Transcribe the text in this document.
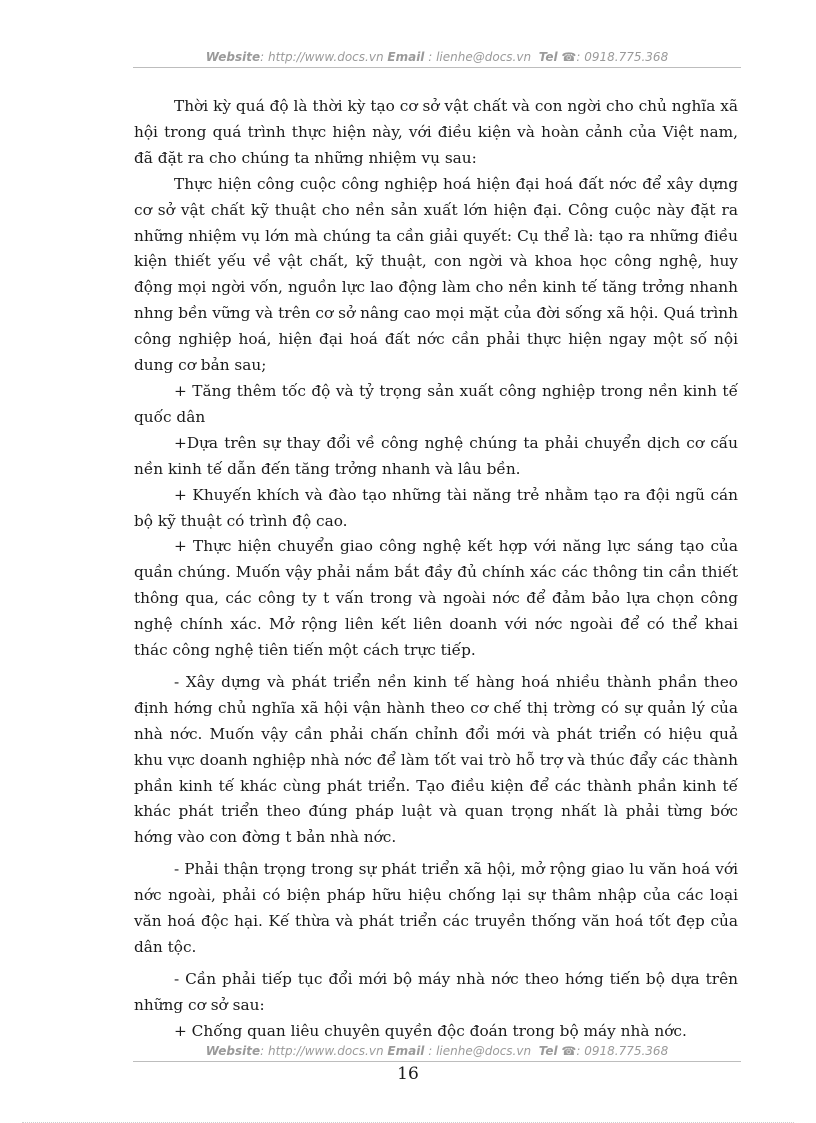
Website: http://www.docs.vn Email : lienhe@docs.vn Tel ☎: 0918.775.368

Thời kỳ quá độ là thời kỳ tạo cơ sở vật chất và con ngời cho chủ nghĩa xã hội trong quá trình thực hiện này, với điều kiện và hoàn cảnh của Việt nam, đã đặt ra cho chúng ta những nhiệm vụ sau:

Thực hiện công cuộc công nghiệp hoá hiện đại hoá đất nớc để xây dựng cơ sở vật chất kỹ thuật cho nền sản xuất lớn hiện đại. Công cuộc này đặt ra những nhiệm vụ lớn mà chúng ta cần giải quyết: Cụ thể là: tạo ra những điều kiện thiết yếu về vật chất, kỹ thuật, con ngời và khoa học công nghệ, huy động mọi ngời vốn, nguồn lực lao động làm cho nền kinh tế tăng trởng nhanh nhng bền vững và trên cơ sở nâng cao mọi mặt của đời sống xã hội. Quá trình công nghiệp hoá, hiện đại hoá đất nớc cần phải thực hiện ngay một số nội dung cơ bản sau;

+ Tăng thêm tốc độ và tỷ trọng sản xuất công nghiệp trong nền kinh tế quốc dân

+Dựa trên sự thay đổi về công nghệ chúng ta phải chuyển dịch cơ cấu nền kinh tế dẫn đến tăng trởng nhanh và lâu bền.

+ Khuyến khích và đào tạo những tài năng trẻ nhằm tạo ra đội ngũ cán bộ kỹ thuật có trình độ cao.

+ Thực hiện chuyển giao công nghệ kết hợp với năng lực sáng tạo của quần chúng. Muốn vậy phải nắm bắt đầy đủ chính xác các thông tin cần thiết thông qua, các công ty t vấn trong và ngoài nớc để đảm bảo lựa chọn công nghệ chính xác. Mở rộng liên kết liên doanh với nớc ngoài để có thể khai thác công nghệ tiên tiến một cách trực tiếp.

- Xây dựng và phát triển nền kinh tế hàng hoá nhiều thành phần theo định hớng chủ nghĩa xã hội vận hành theo cơ chế thị trờng có sự quản lý của nhà nớc. Muốn vậy cần phải chấn chỉnh đổi mới và phát triển có hiệu quả khu vực doanh nghiệp nhà nớc để làm tốt vai trò hỗ trợ và thúc đẩy các thành phần kinh tế khác cùng phát triển. Tạo điều kiện để các thành phần kinh tế khác phát triển theo đúng pháp luật và quan trọng nhất là phải từng bớc hớng vào con đờng t bản nhà nớc.

- Phải thận trọng trong sự phát triển xã hội, mở rộng giao lu văn hoá với nớc ngoài, phải có biện pháp hữu hiệu chống lại sự thâm nhập của các loại văn hoá độc hại. Kế thừa và phát triển các truyền thống văn hoá tốt đẹp của dân tộc.

- Cần phải tiếp tục đổi mới bộ máy nhà nớc theo hớng tiến bộ dựa trên những cơ sở sau:

+ Chống quan liêu chuyên quyền độc đoán trong bộ máy nhà nớc.

Website: http://www.docs.vn Email : lienhe@docs.vn Tel ☎: 0918.775.368
16
